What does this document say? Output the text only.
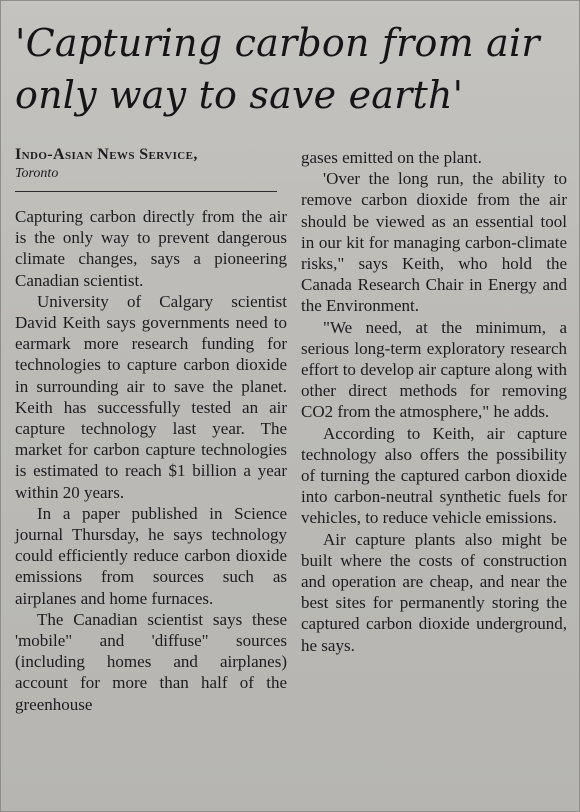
'Capturing carbon from air only way to save earth'
Indo-Asian News Service,
Toronto

Capturing carbon directly from the air is the only way to prevent dangerous climate changes, says a pioneering Canadian scientist.

University of Calgary scientist David Keith says governments need to earmark more research funding for technologies to capture carbon dioxide in surrounding air to save the planet. Keith has successfully tested an air capture technology last year. The market for carbon capture technologies is estimated to reach $1 billion a year within 20 years.

In a paper published in Science journal Thursday, he says technology could efficiently reduce carbon dioxide emissions from sources such as airplanes and home furnaces.

The Canadian scientist says these 'mobile" and 'diffuse" sources (including homes and airplanes) account for more than half of the greenhouse

gases emitted on the plant.

'Over the long run, the ability to remove carbon dioxide from the air should be viewed as an essential tool in our kit for managing carbon-climate risks," says Keith, who hold the Canada Research Chair in Energy and the Environment.

"We need, at the minimum, a serious long-term exploratory research effort to develop air capture along with other direct methods for removing CO2 from the atmosphere," he adds.

According to Keith, air capture technology also offers the possibility of turning the captured carbon dioxide into carbon-neutral synthetic fuels for vehicles, to reduce vehicle emissions.

Air capture plants also might be built where the costs of construction and operation are cheap, and near the best sites for permanently storing the captured carbon dioxide underground, he says.
